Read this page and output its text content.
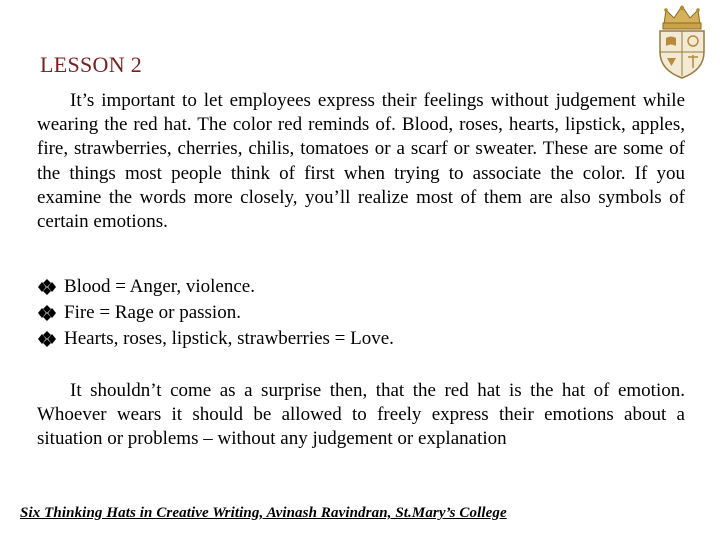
LESSON 2

It’s important to let employees express their feelings without judgement while wearing the red hat. The color red reminds of. Blood, roses, hearts, lipstick, apples, fire, strawberries, cherries, chilis, tomatoes or a scarf or sweater. These are some of the things most people think of first when trying to associate the color. If you examine the words more closely, you’ll realize most of them are also symbols of certain emotions.

Blood = Anger, violence.
Fire = Rage or passion.
Hearts, roses, lipstick, strawberries = Love.

It shouldn’t come as a surprise then, that the red hat is the hat of emotion. Whoever wears it should be allowed to freely express their emotions about a situation or problems – without any judgement or explanation

Six Thinking Hats in Creative Writing, Avinash Ravindran, St.Mary’s College
